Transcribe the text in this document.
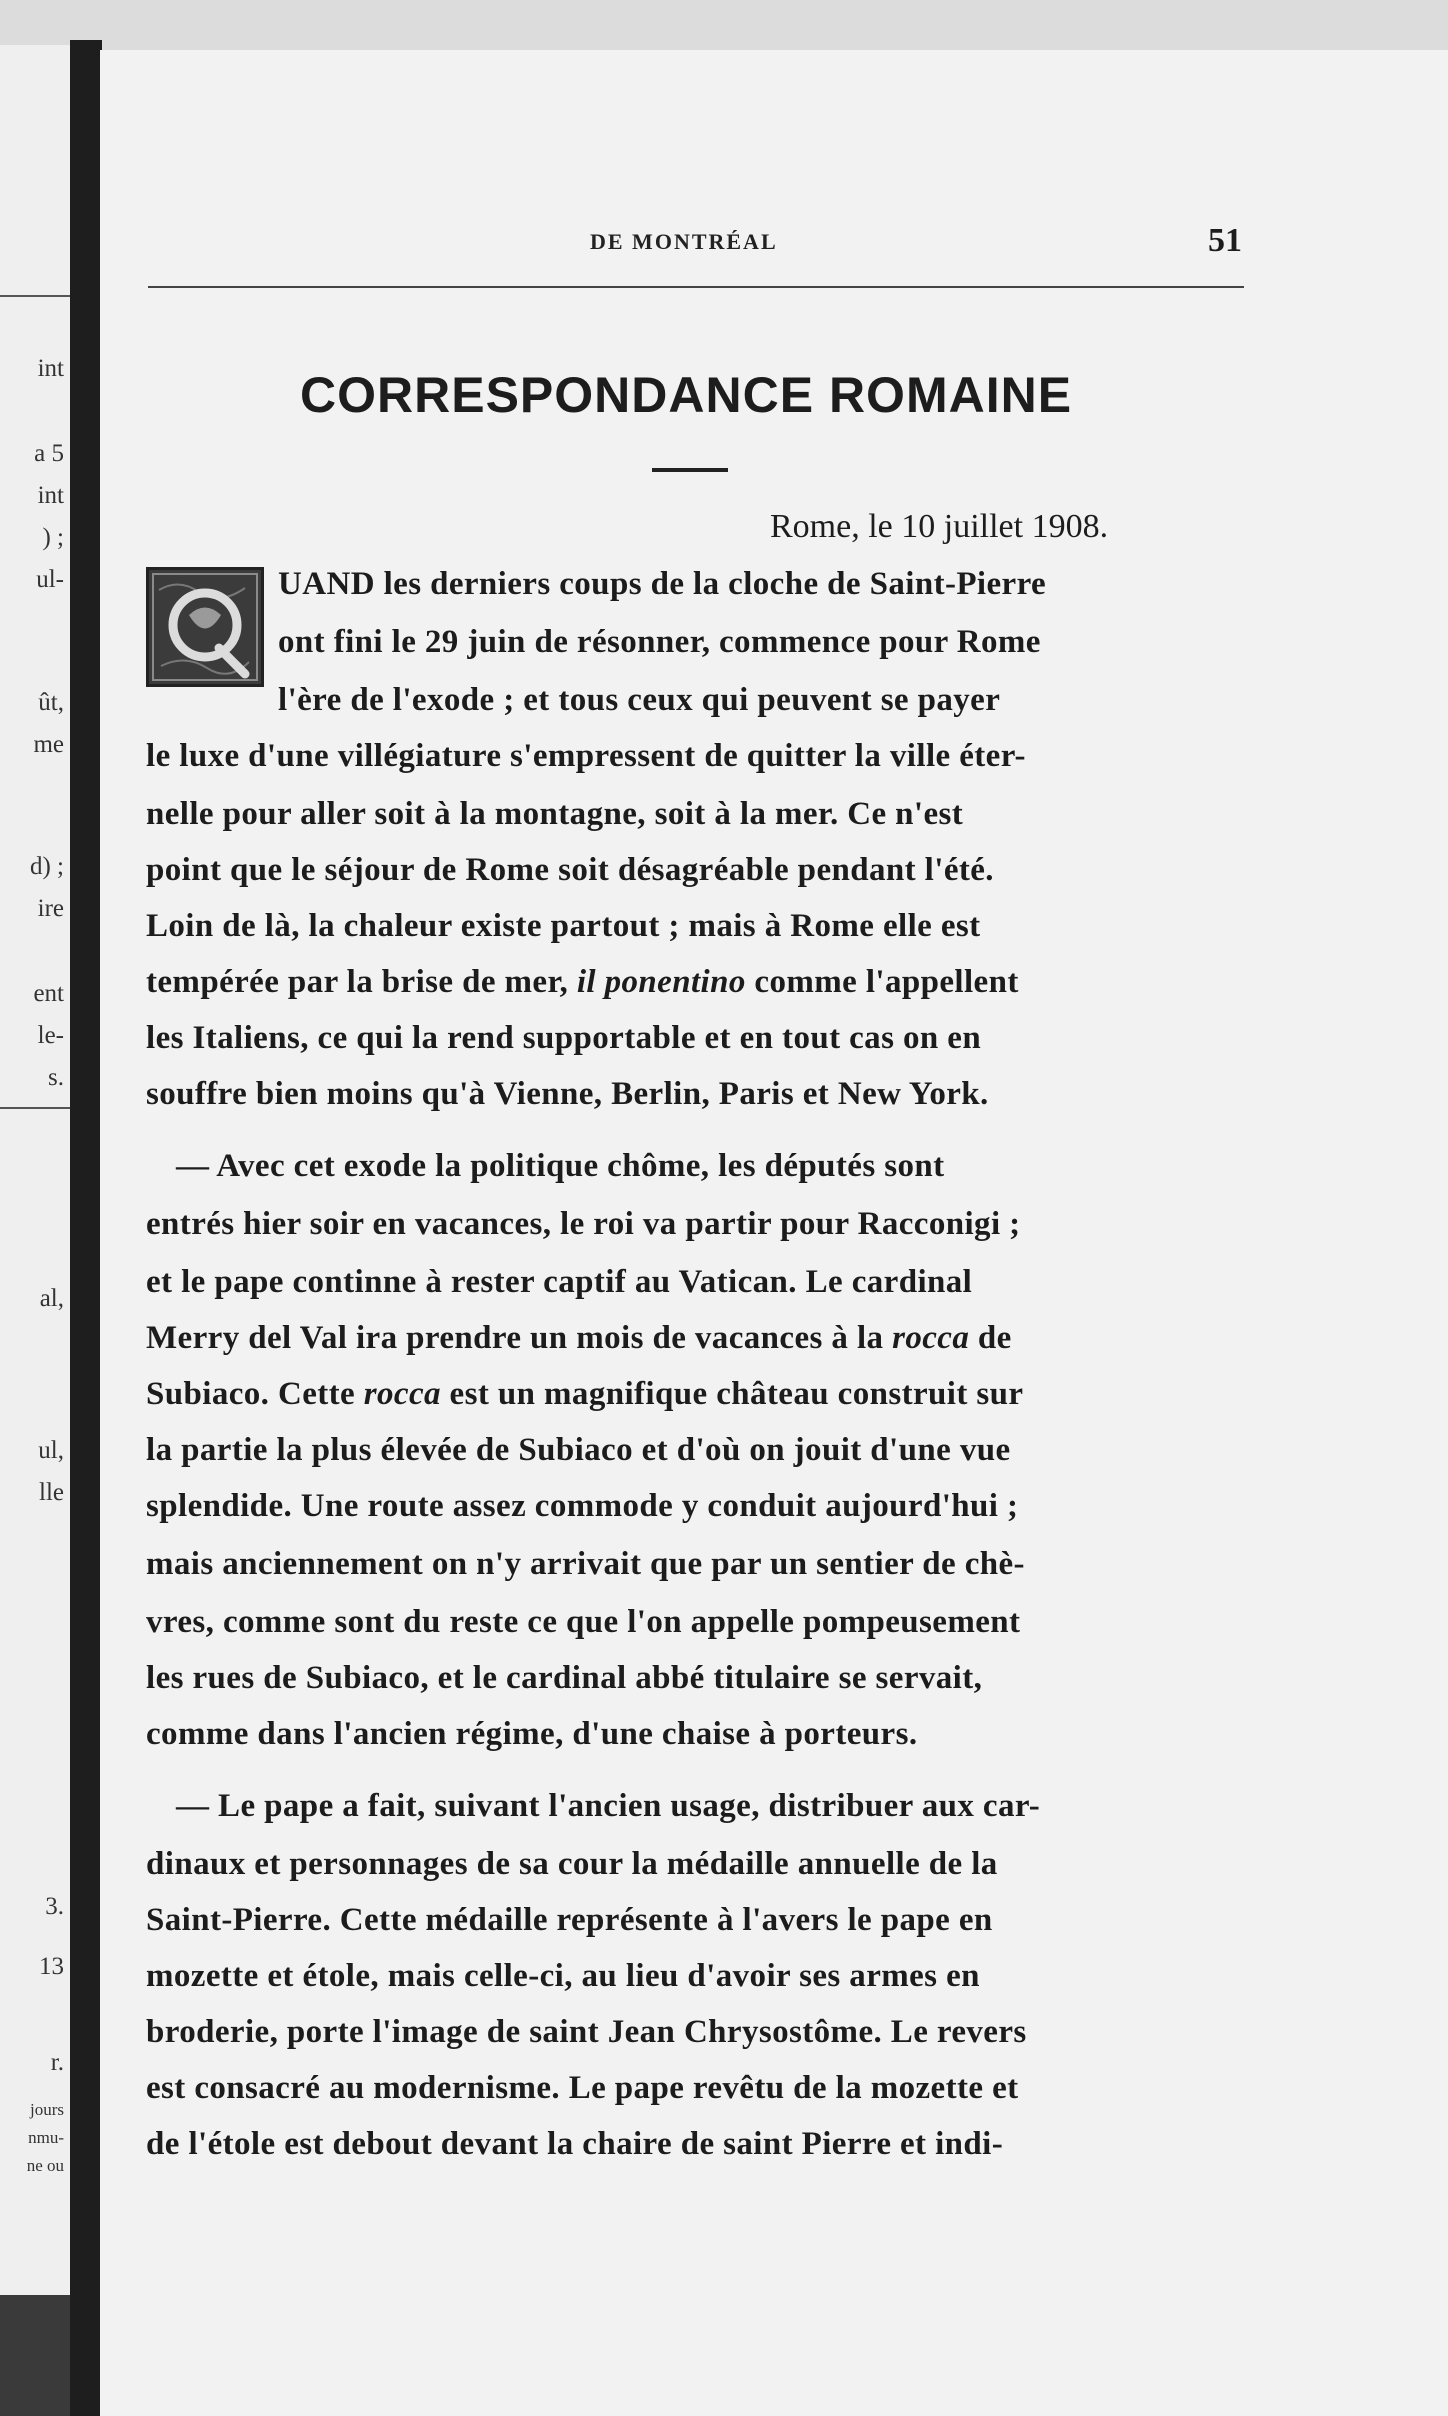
int
a 5
int
) ;
ul-
ût,
me
d) ;
ire
ent
le-
s.
al,
ul,
lle
3.
13
r.
jours
nmu-
ne ou
DE MONTRÉAL	51
CORRESPONDANCE ROMAINE
Rome, le 10 juillet 1908.
UAND les derniers coups de la cloche de Saint-Pierre
ont fini le 29 juin de résonner, commence pour Rome
l'ère de l'exode ; et tous ceux qui peuvent se payer
le luxe d'une villégiature s'empressent de quitter la ville éter-
nelle pour aller soit à la montagne, soit à la mer. Ce n'est
point que le séjour de Rome soit désagréable pendant l'été.
Loin de là, la chaleur existe partout ; mais à Rome elle est
tempérée par la brise de mer, il ponentino comme l'appellent
les Italiens, ce qui la rend supportable et en tout cas on en
souffre bien moins qu'à Vienne, Berlin, Paris et New York.
— Avec cet exode la politique chôme, les députés sont
entrés hier soir en vacances, le roi va partir pour Racconigi ;
et le pape continne à rester captif au Vatican. Le cardinal
Merry del Val ira prendre un mois de vacances à la rocca de
Subiaco. Cette rocca est un magnifique château construit sur
la partie la plus élevée de Subiaco et d'où on jouit d'une vue
splendide. Une route assez commode y conduit aujourd'hui ;
mais anciennement on n'y arrivait que par un sentier de chè-
vres, comme sont du reste ce que l'on appelle pompeusement
les rues de Subiaco, et le cardinal abbé titulaire se servait,
comme dans l'ancien régime, d'une chaise à porteurs.
— Le pape a fait, suivant l'ancien usage, distribuer aux car-
dinaux et personnages de sa cour la médaille annuelle de la
Saint-Pierre. Cette médaille représente à l'avers le pape en
mozette et étole, mais celle-ci, au lieu d'avoir ses armes en
broderie, porte l'image de saint Jean Chrysostôme. Le revers
est consacré au modernisme. Le pape revêtu de la mozette et
de l'étole est debout devant la chaire de saint Pierre et indi-
